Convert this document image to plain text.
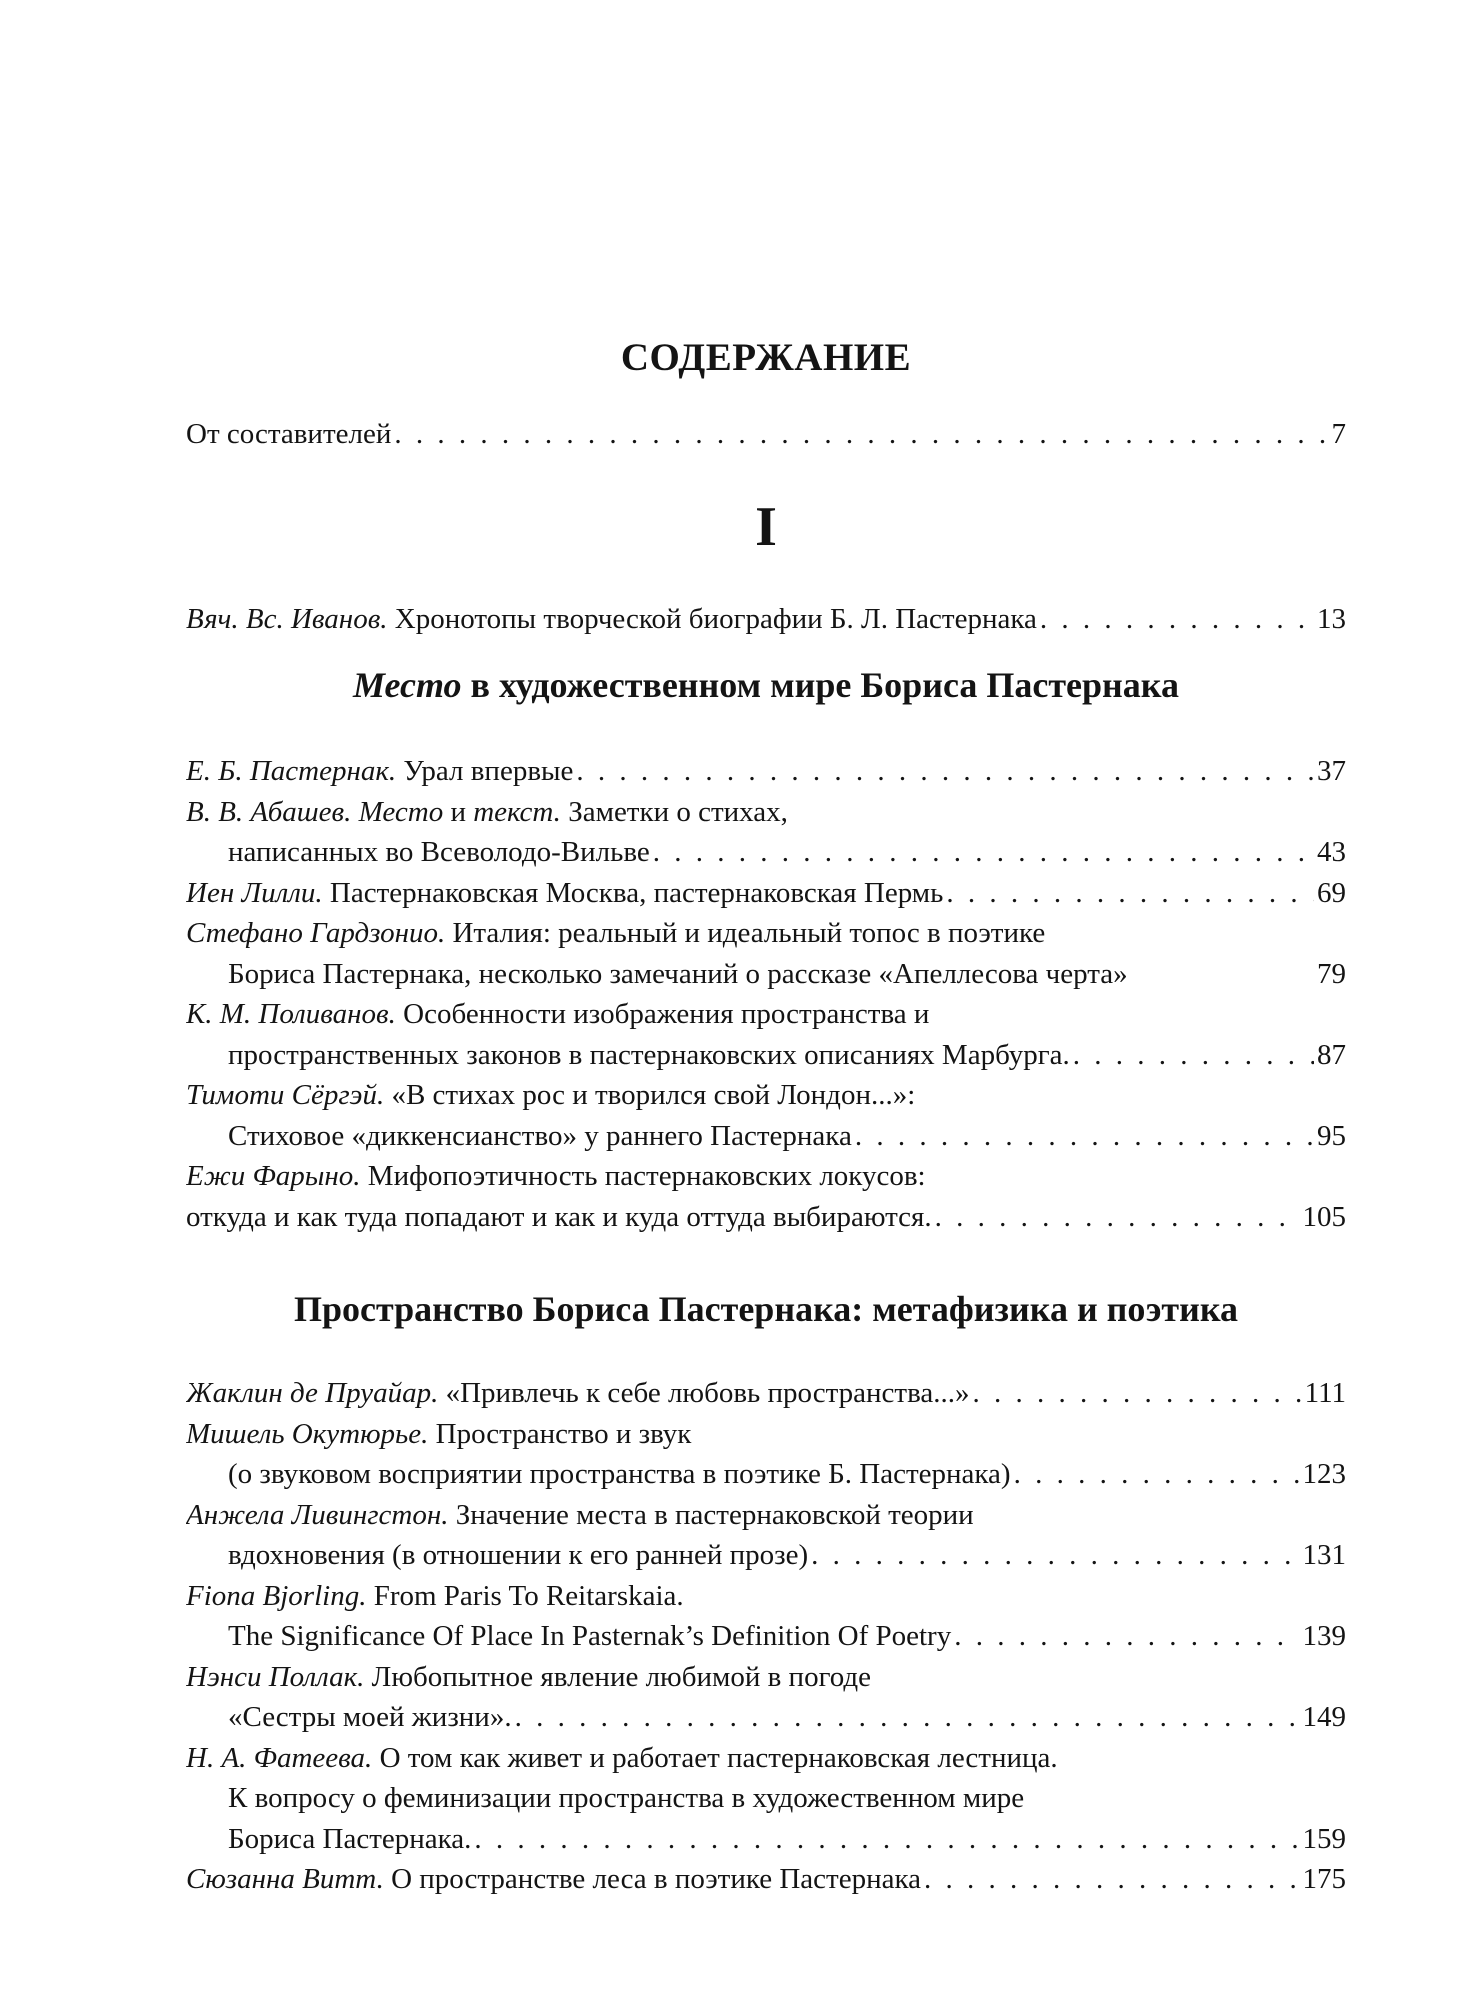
СОДЕРЖАНИЕ
От составителей . . .	7
I
Вяч. Вс. Иванов. Хронотопы творческой биографии Б. Л. Пастернака . . .	13
Место в художественном мире Бориса Пастернака
Е. Б. Пастернак. Урал впервые . . .	37
В. В. Абашев. Место и текст. Заметки о стихах,
написанных во Всеволодо-Вильве . . .	43
Иен Лилли. Пастернаковская Москва, пастернаковская Пермь . . .	69
Стефано Гардзонио. Италия: реальный и идеальный топос в поэтике
Бориса Пастернака, несколько замечаний о рассказе «Апеллесова черта»	79
К. М. Поливанов. Особенности изображения пространства и
пространственных законов в пастернаковских описаниях Марбурга. . . .	87
Тимоти Сёргэй. «В стихах рос и творился свой Лондон...»:
Стиховое «диккенсианство» у раннего Пастернака . . .	95
Ежи Фарыно. Мифопоэтичность пастернаковских локусов:
откуда и как туда попадают и как и куда оттуда выбираются. . . .	105
Пространство Бориса Пастернака: метафизика и поэтика
Жаклин де Пруайар. «Привлечь к себе любовь пространства...» . . .	111
Мишель Окутюрье. Пространство и звук
(о звуковом восприятии пространства в поэтике Б. Пастернака) . . .	123
Анжела Ливингстон. Значение места в пастернаковской теории
вдохновения (в отношении к его ранней прозе) . . .	131
Fiona Bjorling. From Paris To Reitarskaia.
The Significance Of Place In Pasternak’s Definition Of Poetry . . .	139
Нэнси Поллак. Любопытное явление любимой в погоде
«Сестры моей жизни». . . .	149
Н. А. Фатеева. О том как живет и работает пастернаковская лестница.
К вопросу о феминизации пространства в художественном мире
Бориса Пастернака. . . .	159
Сюзанна Витт. О пространстве леса в поэтике Пастернака . . .	175
